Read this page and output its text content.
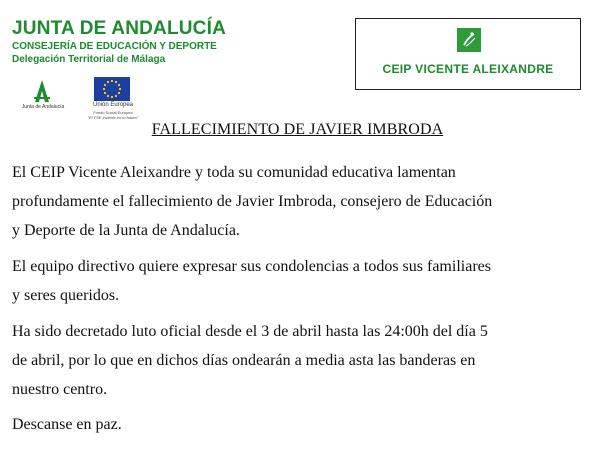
JUNTA DE ANDALUCÍA
CONSEJERÍA DE EDUCACIÓN Y DEPORTE
Delegación Territorial de Málaga
Junta de Andalucía	Unión Europea
Fondo Social Europeo
"El FSE invierte en tu futuro"
CEIP VICENTE ALEIXANDRE
FALLECIMIENTO DE JAVIER IMBRODA

El CEIP Vicente Aleixandre y toda su comunidad educativa lamentan
profundamente el fallecimiento de Javier Imbroda, consejero de Educación
y Deporte de la Junta de Andalucía.

El equipo directivo quiere expresar sus condolencias a todos sus familiares
y seres queridos.

Ha sido decretado luto oficial desde el 3 de abril hasta las 24:00h del día 5
de abril, por lo que en dichos días ondearán a media asta las banderas en
nuestro centro.

Descanse en paz.
